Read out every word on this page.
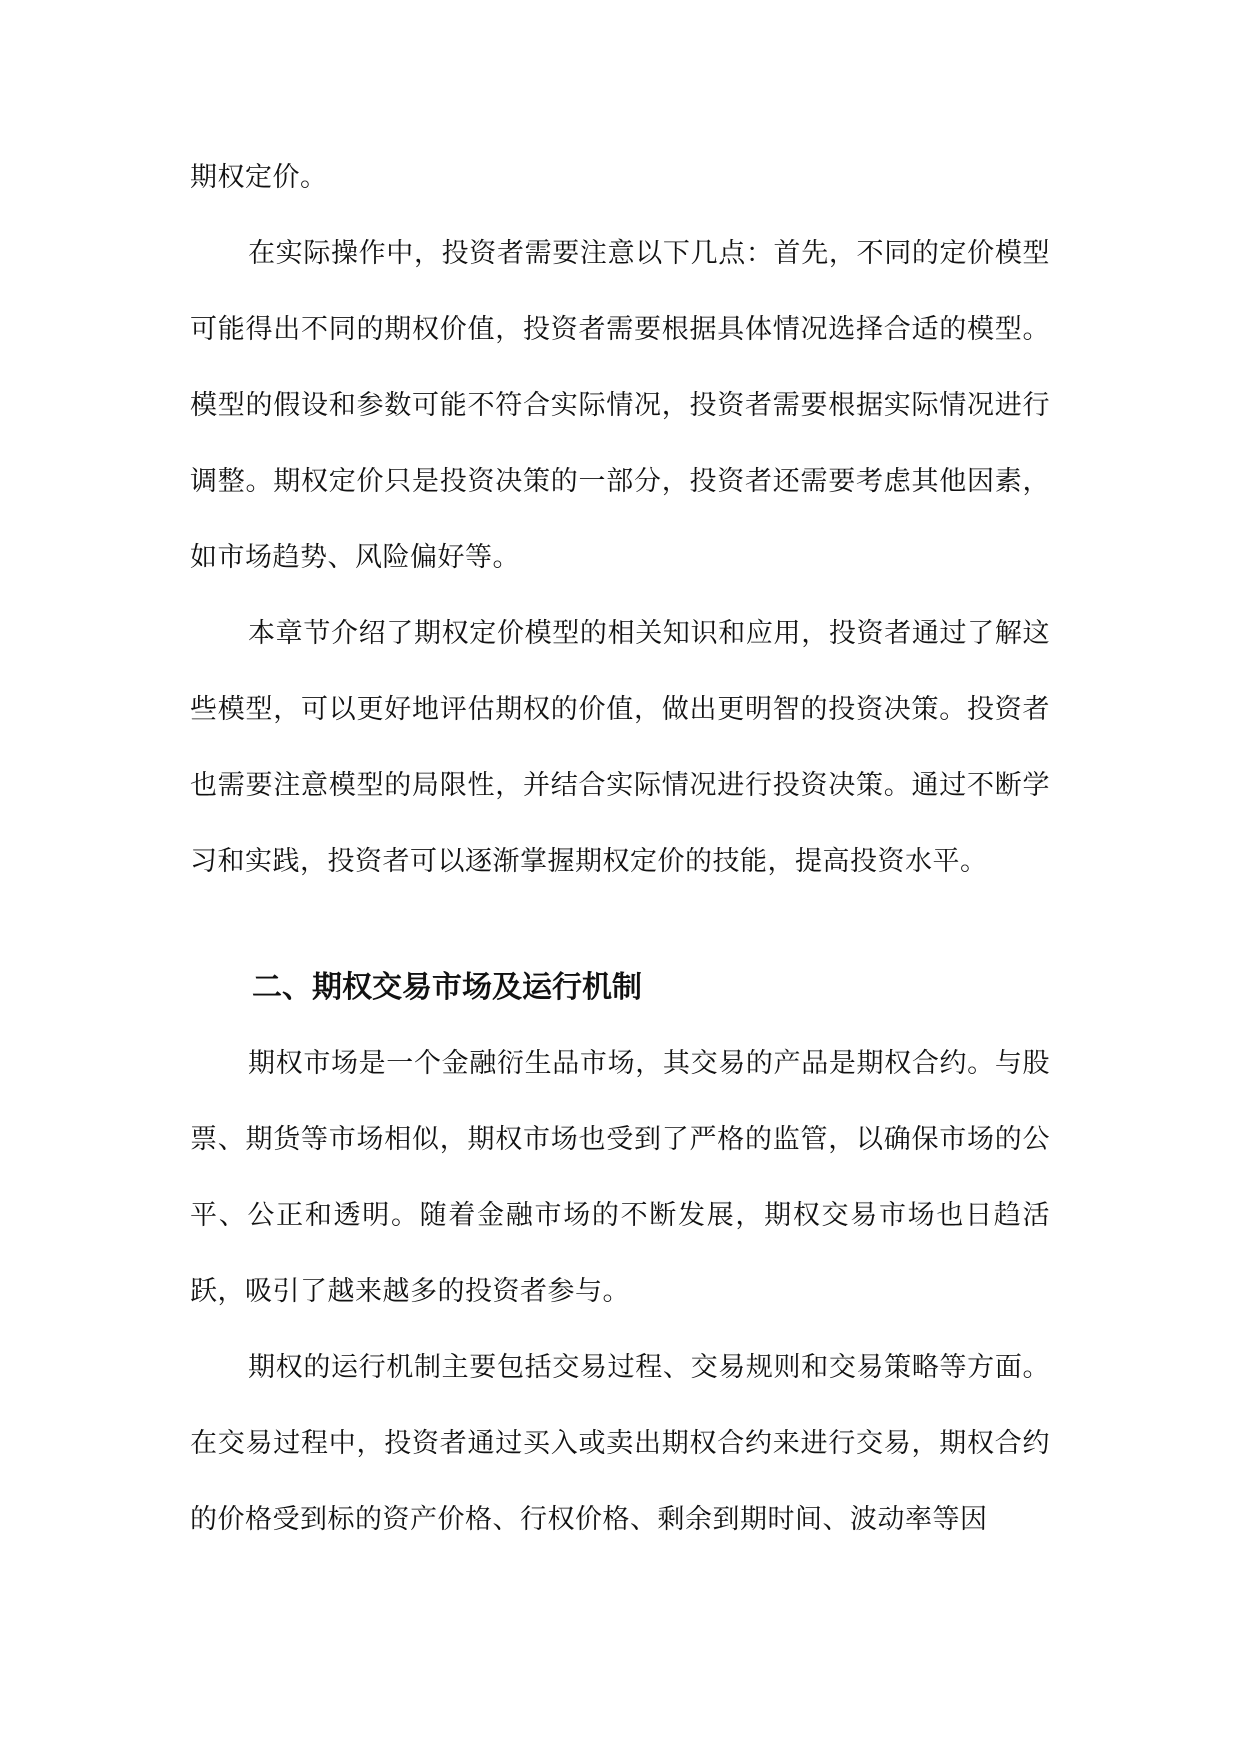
期权定价。

在实际操作中，投资者需要注意以下几点：首先，不同的定价模型可能得出不同的期权价值，投资者需要根据具体情况选择合适的模型。模型的假设和参数可能不符合实际情况，投资者需要根据实际情况进行调整。期权定价只是投资决策的一部分，投资者还需要考虑其他因素，如市场趋势、风险偏好等。

本章节介绍了期权定价模型的相关知识和应用，投资者通过了解这些模型，可以更好地评估期权的价值，做出更明智的投资决策。投资者也需要注意模型的局限性，并结合实际情况进行投资决策。通过不断学习和实践，投资者可以逐渐掌握期权定价的技能，提高投资水平。

二、期权交易市场及运行机制

期权市场是一个金融衍生品市场，其交易的产品是期权合约。与股票、期货等市场相似，期权市场也受到了严格的监管，以确保市场的公平、公正和透明。随着金融市场的不断发展，期权交易市场也日趋活跃，吸引了越来越多的投资者参与。

期权的运行机制主要包括交易过程、交易规则和交易策略等方面。在交易过程中，投资者通过买入或卖出期权合约来进行交易，期权合约的价格受到标的资产价格、行权价格、剩余到期时间、波动率等因
